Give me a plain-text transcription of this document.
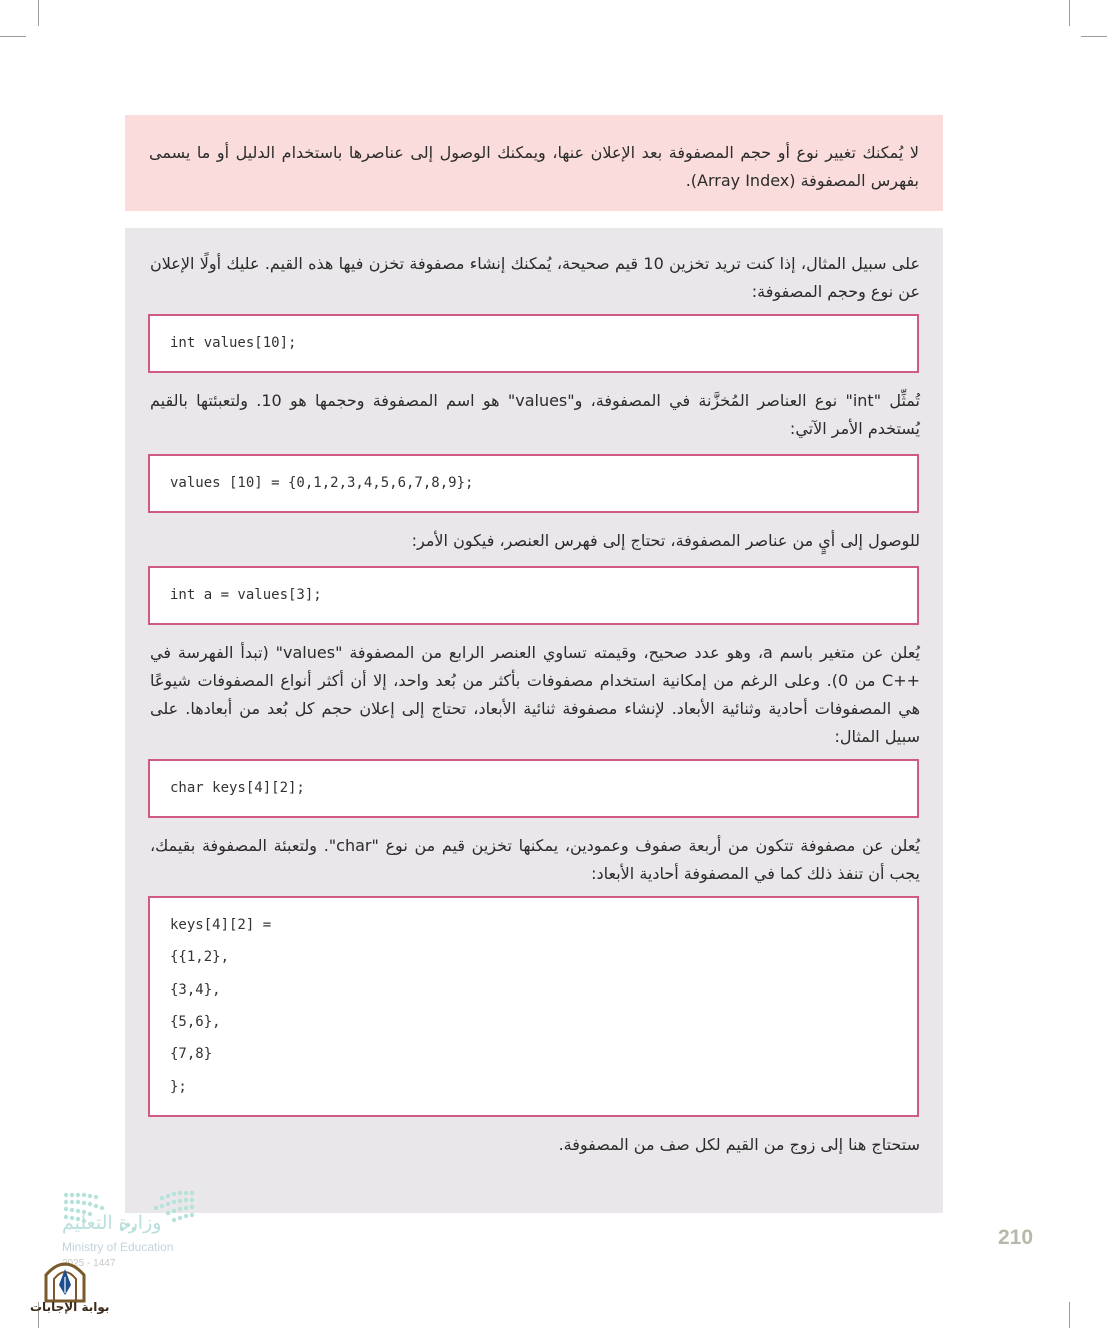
لا يُمكنك تغيير نوع أو حجم المصفوفة بعد الإعلان عنها، ويمكنك الوصول إلى عناصرها باستخدام الدليل أو ما يسمى بفهرس المصفوفة (Array Index).

على سبيل المثال، إذا كنت تريد تخزين 10 قيم صحيحة، يُمكنك إنشاء مصفوفة تخزن فيها هذه القيم. عليك أولًا الإعلان عن نوع وحجم المصفوفة:

int values[10];

تُمثِّل "int" نوع العناصر المُخزَّنة في المصفوفة، و"values" هو اسم المصفوفة وحجمها هو 10. ولتعبئتها بالقيم يُستخدم الأمر الآتي:

values [10] = {0,1,2,3,4,5,6,7,8,9};

للوصول إلى أيٍ من عناصر المصفوفة، تحتاج إلى فهرس العنصر، فيكون الأمر:

int a = values[3];

يُعلن عن متغير باسم a، وهو عدد صحيح، وقيمته تساوي العنصر الرابع من المصفوفة "values" (تبدأ الفهرسة في ++C من 0). وعلى الرغم من إمكانية استخدام مصفوفات بأكثر من بُعد واحد، إلا أن أكثر أنواع المصفوفات شيوعًا هي المصفوفات أحادية وثنائية الأبعاد. لإنشاء مصفوفة ثنائية الأبعاد، تحتاج إلى إعلان حجم كل بُعد من أبعادها. على سبيل المثال:

char keys[4][2];

يُعلن عن مصفوفة تتكون من أربعة صفوف وعمودين، يمكنها تخزين قيم من نوع "char". ولتعبئة المصفوفة بقيمك، يجب أن تنفذ ذلك كما في المصفوفة أحادية الأبعاد:

keys[4][2] =
{{1,2},
{3,4},
{5,6},
{7,8}
};

ستحتاج هنا إلى زوج من القيم لكل صف من المصفوفة.

وزارة التعليم
Ministry of Education
2025 - 1447
بوابة الإجابات
210
